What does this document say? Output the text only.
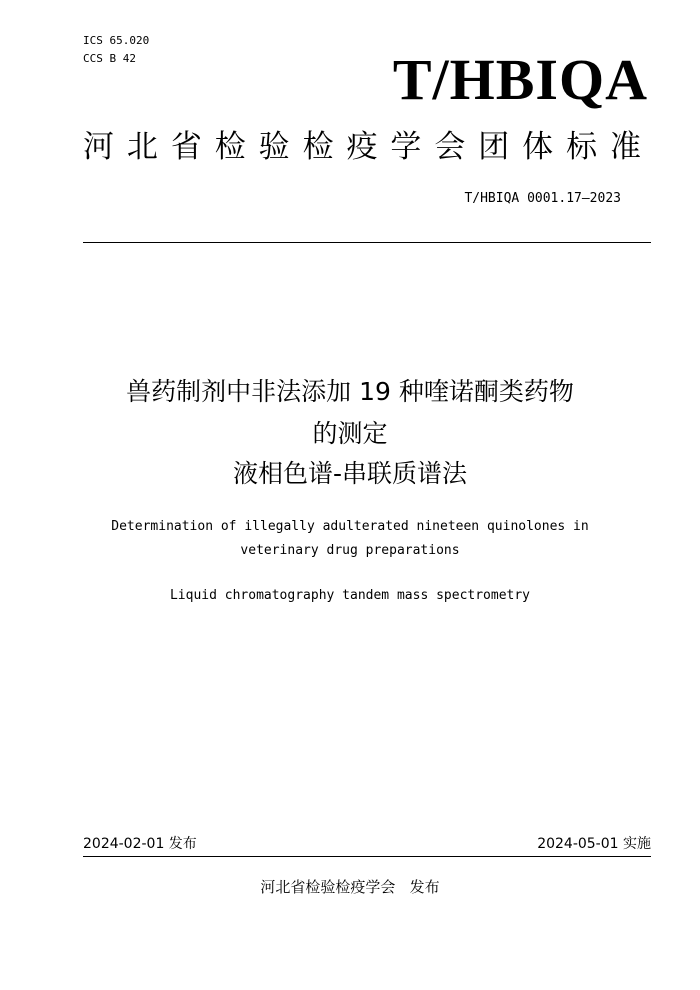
ICS 65.020
CCS B 42	T/HBIQA
河北省检验检疫学会团体标准
T/HBIQA 0001.17—2023
兽药制剂中非法添加 19 种喹诺酮类药物
的测定
液相色谱-串联质谱法
Determination of illegally adulterated nineteen quinolones in veterinary drug preparations
Liquid chromatography tandem mass spectrometry
2024-02-01 发布	2024-05-01 实施
河北省检验检疫学会   发布
